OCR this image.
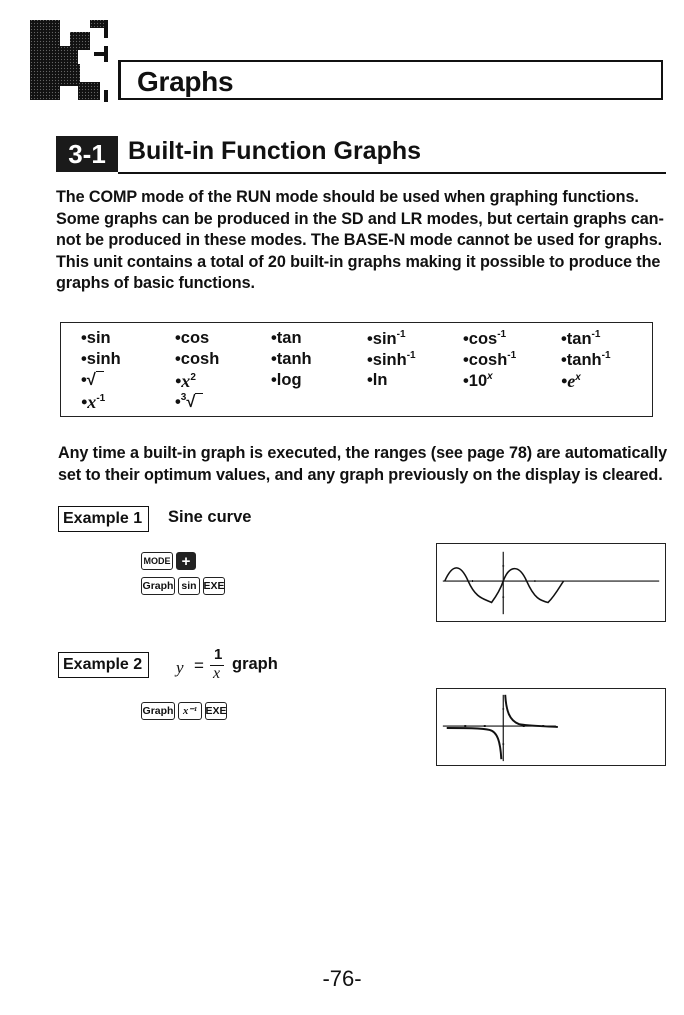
Graphs
3-1 Built-in Function Graphs
The COMP mode of the RUN mode should be used when graphing functions.
Some graphs can be produced in the SD and LR modes, but certain graphs can-
not be produced in these modes. The BASE-N mode cannot be used for graphs.
This unit contains a total of 20 built-in graphs making it possible to produce the
graphs of basic functions.
•sin	•cos	•tan	$•\sin^{-1}$	$•\cos^{-1}$	$•\tan^{-1}$
•sinh	•cosh	•tanh	$•\sinh^{-1}$	$•\cosh^{-1}$	$•\tanh^{-1}$
•√	$•x^2$	•log	•ln	•10$^x$	$•e^x$
$•x^{-1}$	•$^3$√
Any time a built-in graph is executed, the ranges (see page 78) are automatically
set to their optimum values, and any graph previously on the display is cleared.
Example 1	Sine curve
MODE +
Graph sin EXE
Example 2	y =
1
x
graph
Graph x⁻¹ EXE
-76-
